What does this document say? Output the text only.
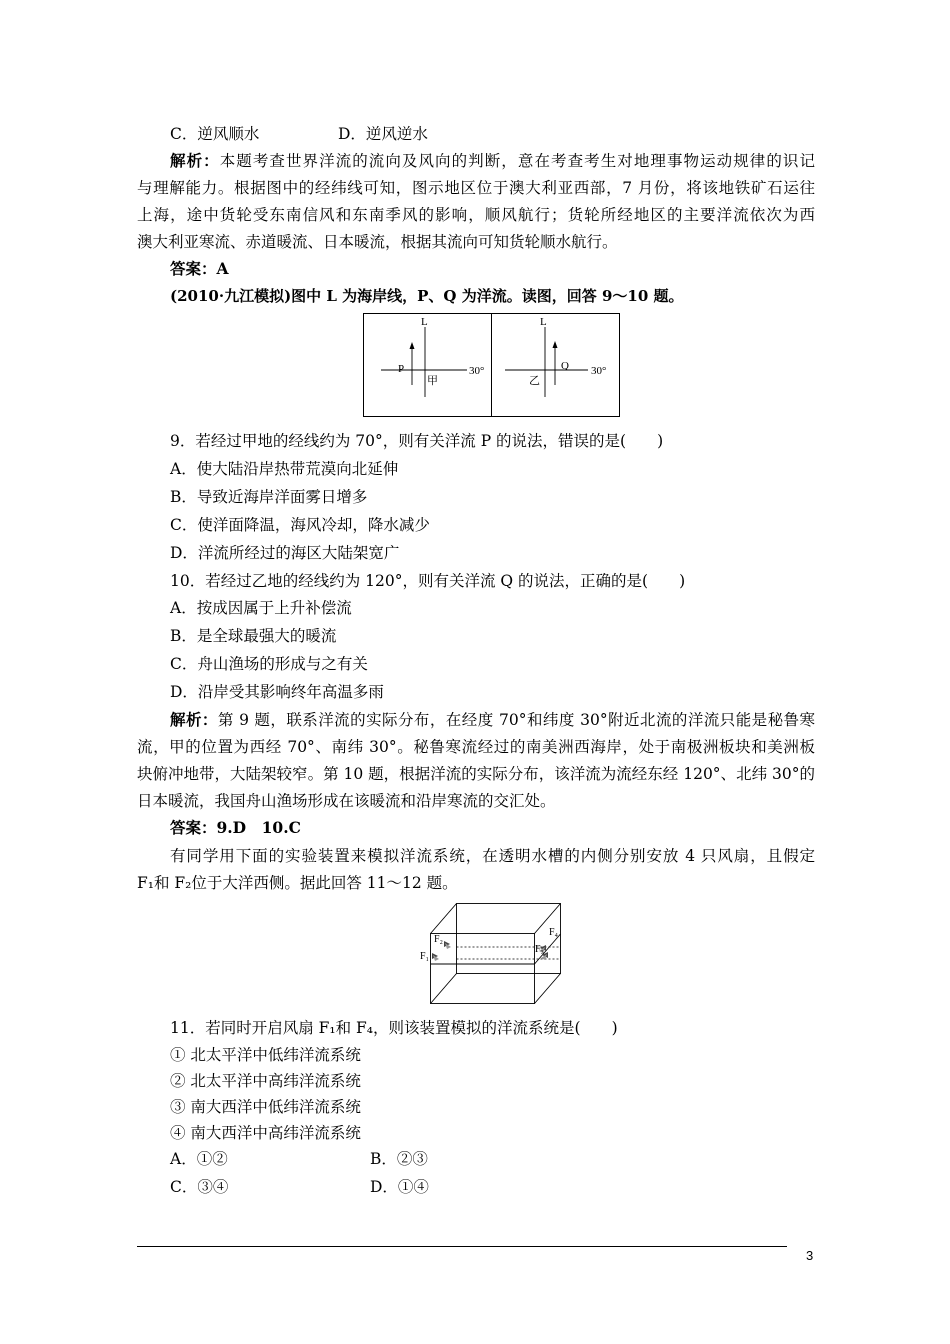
C．逆风顺水	D．逆风逆水
解析：本题考查世界洋流的流向及风向的判断，意在考查考生对地理事物运动规律的识记
与理解能力。根据图中的经纬线可知，图示地区位于澳大利亚西部，7 月份，将该地铁矿石运往
上海，途中货轮受东南信风和东南季风的影响，顺风航行；货轮所经地区的主要洋流依次为西
澳大利亚寒流、赤道暖流、日本暖流，根据其流向可知货轮顺水航行。
答案：A
(2010·九江模拟)图中 L 为海岸线，P、Q 为洋流。读图，回答 9～10 题。
L
P
甲
30°
L
Q
乙
30°
9．若经过甲地的经线约为 70°，则有关洋流 P 的说法，错误的是(　　)
A．使大陆沿岸热带荒漠向北延伸
B．导致近海岸洋面雾日增多
C．使洋面降温，海风冷却，降水减少
D．洋流所经过的海区大陆架宽广
10．若经过乙地的经线约为 120°，则有关洋流 Q 的说法，正确的是(　　)
A．按成因属于上升补偿流
B．是全球最强大的暖流
C．舟山渔场的形成与之有关
D．沿岸受其影响终年高温多雨
解析：第 9 题，联系洋流的实际分布，在经度 70°和纬度 30°附近北流的洋流只能是秘鲁寒
流，甲的位置为西经 70°、南纬 30°。秘鲁寒流经过的南美洲西海岸，处于南极洲板块和美洲板
块俯冲地带，大陆架较窄。第 10 题，根据洋流的实际分布，该洋流为流经东经 120°、北纬 30°的
日本暖流，我国舟山渔场形成在该暖流和沿岸寒流的交汇处。
答案：9.D　10.C
有同学用下面的实验装置来模拟洋流系统，在透明水槽的内侧分别安放 4 只风扇，且假定
F₁和 F₂位于大洋西侧。据此回答 11～12 题。
F₂
F₁
F₃
F₄
11．若同时开启风扇 F₁和 F₄，则该装置模拟的洋流系统是(　　)
① 北太平洋中低纬洋流系统
② 北太平洋中高纬洋流系统
③ 南大西洋中低纬洋流系统
④ 南大西洋中高纬洋流系统
A．①②	B．②③
C．③④	D．①④
3
